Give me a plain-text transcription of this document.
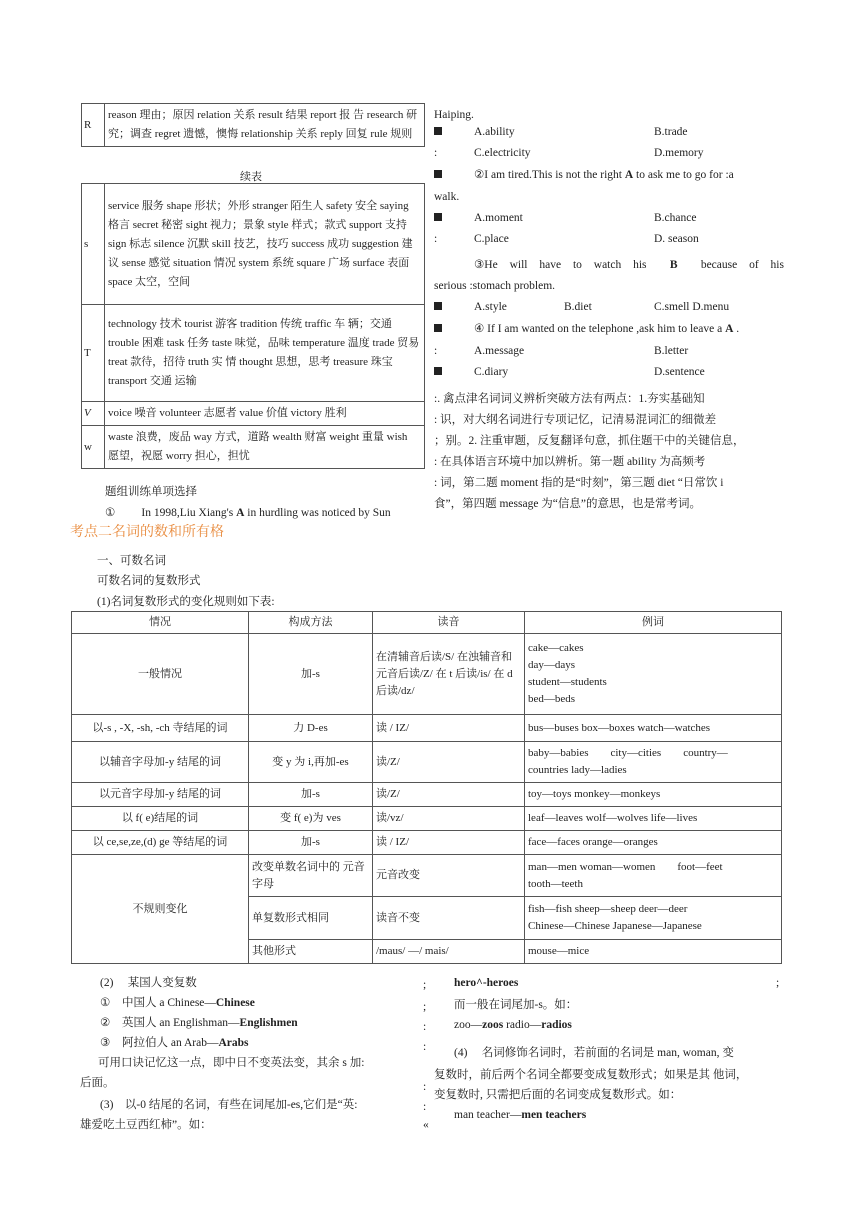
R	reason 理由；原因 relation 关系 result 结果 report 报 告 research 研究；调查 regret 遗憾，懊悔 relationship 关系 reply 回复 rule 规则
续表
s	service 服务 shape 形状；外形 stranger 陌生人 safety 安全 saying 格言 secret 秘密 sight 视力；景象 style 样式；款式 support 支持 sign 标志 silence 沉默 skill 技艺，技巧 success 成功 suggestion 建议 sense 感觉 situation 情况 system 系统 square 广场 surface 表面 space 太空，空间
T	technology 技术 tourist 游客 tradition 传统 traffic 车 辆；交通 trouble 困难 task 任务 taste 味觉，品味 temperature 温度 trade 贸易 treat 款待，招待 truth 实 情 thought 思想，思考 treasure 珠宝 transport 交通 运输
V	voice 噪音 volunteer 志愿者 value 价值 victory 胜利
w	waste 浪费，废品 way 方式，道路 wealth 财富 weight 重量 wish 愿望，祝愿 worry 担心，担忧
题组训练单项选择
① In 1998,Liu Xiang's A in hurdling was noticed by Sun
Haiping.
A.ability	B.trade
:	C.electricity	D.memory
②I am tired.This is not the right A to ask me to go for :a
walk.
A.moment	B.chance
:	C.place	D. season
③He will have to watch his B because of his
serious :stomach problem.
A.style	B.diet	C.smell D.menu
④ If I am wanted on the telephone ,ask him to leave a A .
:	A.message	B.letter
C.diary	D.sentence
:. 禽点津名词词义辨析突破方法有两点：1.夯实基础知
: 识，对大纲名词进行专项记忆，记清易混词汇的细微差
；别。2. 注重审题，反复翻译句意，抓住题干中的关键信息，
: 在具体语言环境中加以辨析。第一题 ability 为高频考
: 词，第二题 moment 指的是“时刻”，第三题 diet “日常饮 i
食”，第四题 message 为“信息”的意思，也是常考词。
考点二名词的数和所有格
一、可数名词
可数名词的复数形式
(1)名词复数形式的变化规则如下表:
情况	构成方法	读音	例词
一般情况	加-s	在清辅音后读/S/ 在浊辅音和元音后读/Z/ 在 t 后读/is/ 在 d 后读/dz/	cake—cakes
day—days
student—students
bed—beds

以-s , -X, -sh, -ch 寺结尾的词	力 D-es	读 / IZ/	bus—buses box—boxes watch—watches
以辅音字母加-y 结尾的词	变 y 为 i,再加-es	读/Z/	baby—babies        city—cities        country—
countries lady—ladies

以元音字母加-y 结尾的词	加-s	读/Z/	toy—toys monkey—monkeys
以 f( e)结尾的词	变 f( e)为 ves	读/vz/	leaf—leaves wolf—wolves life—lives
以 ce,se,ze,(d) ge 等结尾的词	加-s	读 / IZ/	face—faces orange—oranges
不规则变化	改变单数名词中的 元音字母	元音改变	man—men woman—women        foot—feet
tooth—teeth

	单复数形式相同	读音不变	fish—fish sheep—sheep deer—deer
Chinese—Chinese Japanese—Japanese

	其他形式	/maus/ —/ mais/	mouse—mice
(2) 某国人变复数
① 中国人 a Chinese—Chinese
② 英国人 an Englishman—Englishmen
③ 阿拉伯人 an Arab—Arabs
可用口诀记忆这一点，即中日不变英法变，其余 s 加:
后面。
(3) 以-0 结尾的名词，有些在词尾加-es,它们是“英:
雄爱吃土豆西红柿”。如：
;
;
:
:
:
:
«
hero^-heroes	;
而一般在词尾加-s。如：
zoo—zoos radio—radios
(4) 名词修饰名词时，若前面的名词是 man, woman, 变
复数时，前后两个名词全都要变成复数形式；如果是其 他词，
变复数时, 只需把后面的名词变成复数形式。如：
man teacher—men teachers
